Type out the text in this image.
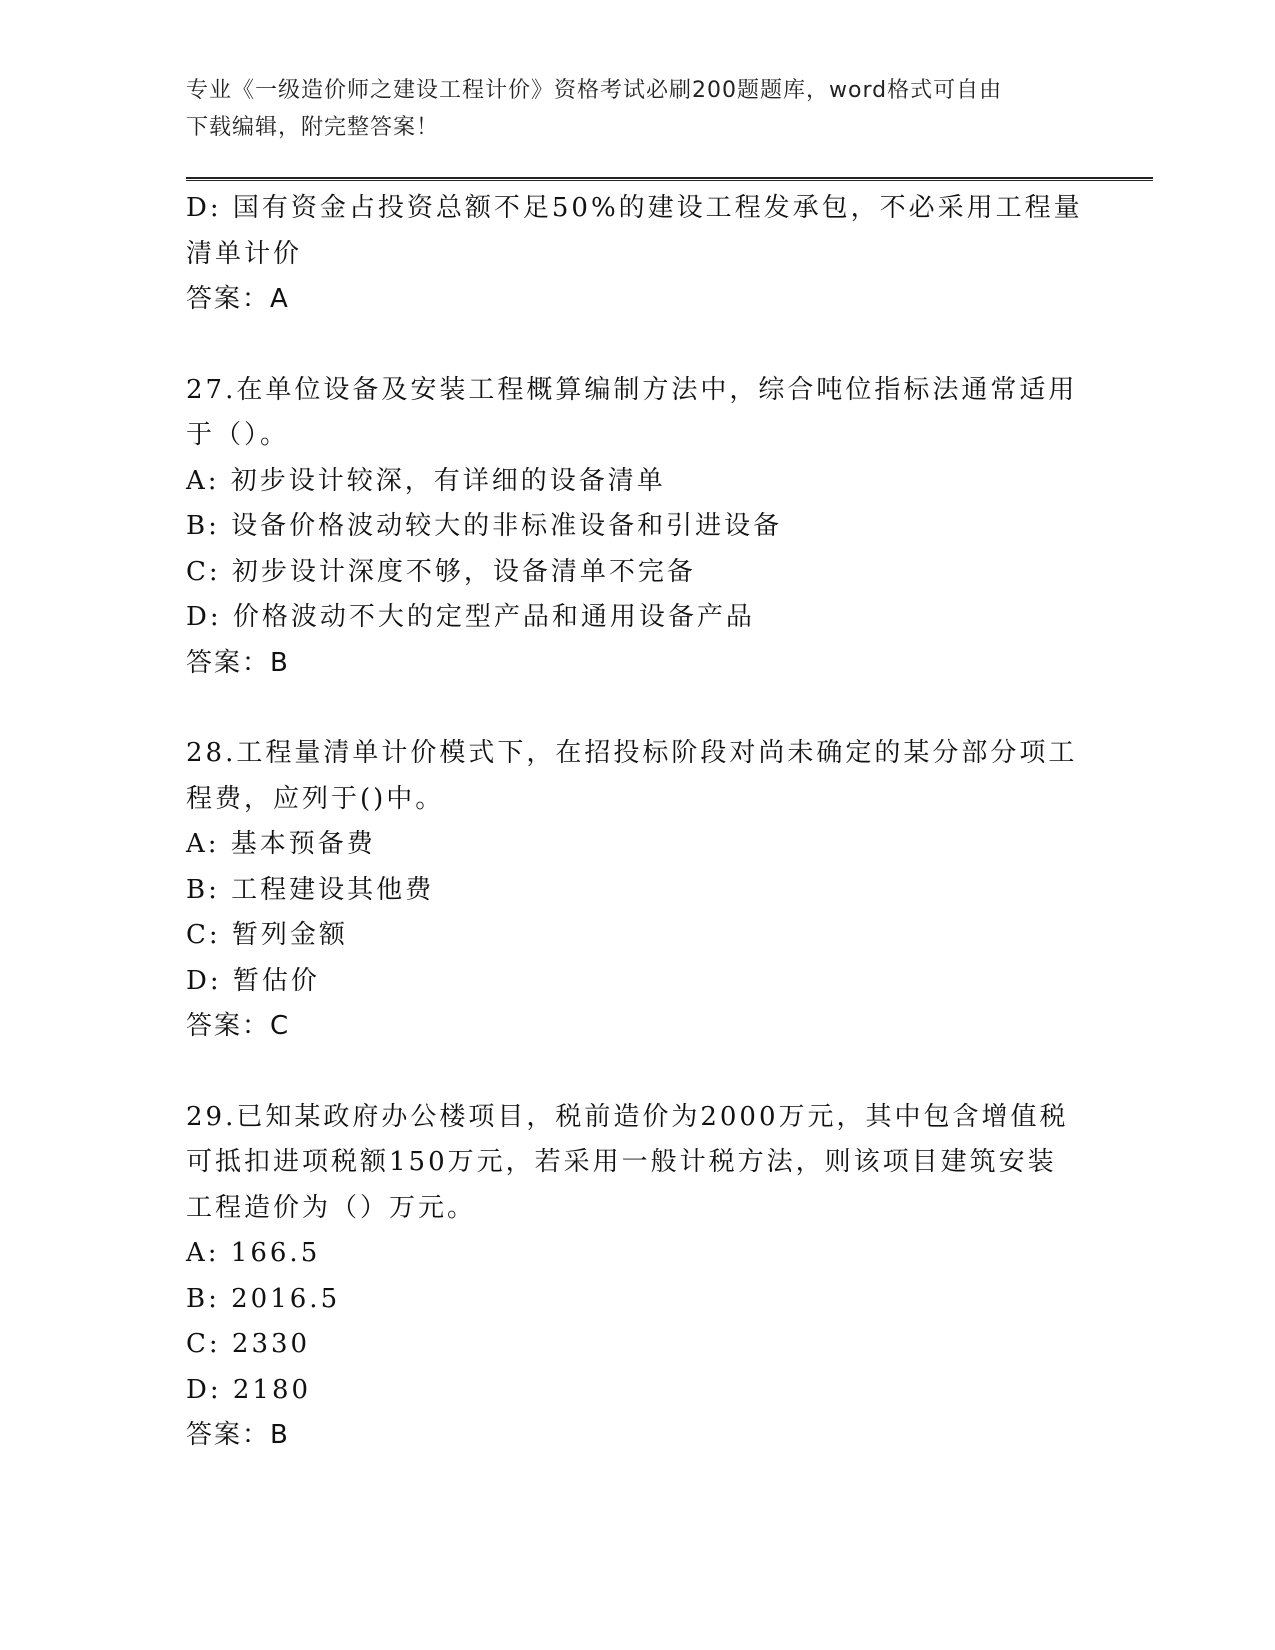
专业《一级造价师之建设工程计价》资格考试必刷200题题库，word格式可自由
下载编辑，附完整答案！
D: 国有资金占投资总额不足50%的建设工程发承包，不必采用工程量
清单计价
答案：A
27.在单位设备及安装工程概算编制方法中，综合吨位指标法通常适用
于（）。
A: 初步设计较深，有详细的设备清单
B: 设备价格波动较大的非标准设备和引进设备
C: 初步设计深度不够，设备清单不完备
D: 价格波动不大的定型产品和通用设备产品
答案：B
28.工程量清单计价模式下，在招投标阶段对尚未确定的某分部分项工
程费，应列于()中。
A: 基本预备费
B: 工程建设其他费
C: 暂列金额
D: 暂估价
答案：C
29.已知某政府办公楼项目，税前造价为2000万元，其中包含增值税
可抵扣进项税额150万元，若采用一般计税方法，则该项目建筑安装
工程造价为（）万元。
A: 166.5
B: 2016.5
C: 2330
D: 2180
答案：B
